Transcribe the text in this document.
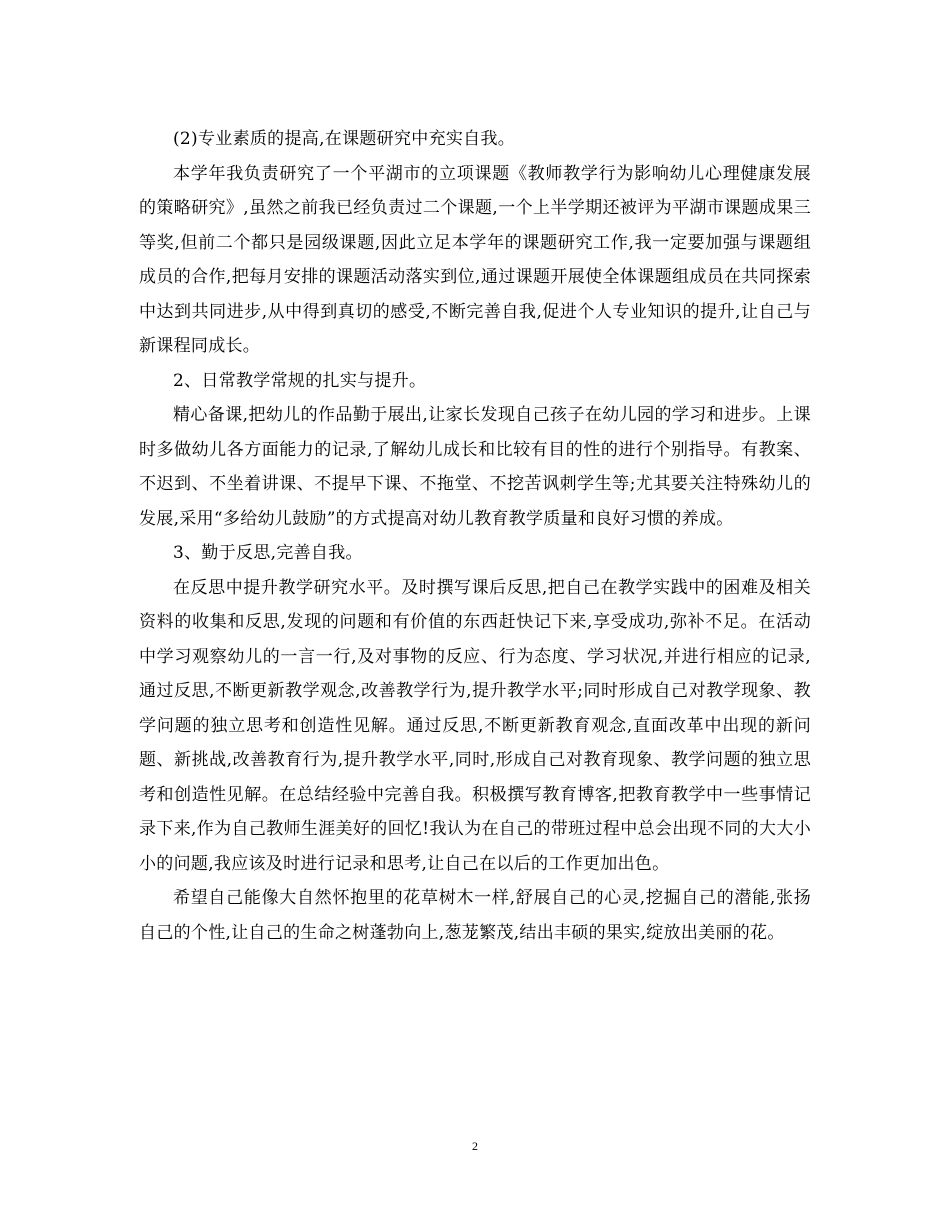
(2)专业素质的提高,在课题研究中充实自我。

本学年我负责研究了一个平湖市的立项课题《教师教学行为影响幼儿心理健康发展的策略研究》,虽然之前我已经负责过二个课题,一个上半学期还被评为平湖市课题成果三等奖,但前二个都只是园级课题,因此立足本学年的课题研究工作,我一定要加强与课题组成员的合作,把每月安排的课题活动落实到位,通过课题开展使全体课题组成员在共同探索中达到共同进步,从中得到真切的感受,不断完善自我,促进个人专业知识的提升,让自己与新课程同成长。

2、日常教学常规的扎实与提升。

精心备课,把幼儿的作品勤于展出,让家长发现自己孩子在幼儿园的学习和进步。上课时多做幼儿各方面能力的记录,了解幼儿成长和比较有目的性的进行个别指导。有教案、不迟到、不坐着讲课、不提早下课、不拖堂、不挖苦讽刺学生等;尤其要关注特殊幼儿的发展,采用“多给幼儿鼓励”的方式提高对幼儿教育教学质量和良好习惯的养成。

3、勤于反思,完善自我。

在反思中提升教学研究水平。及时撰写课后反思,把自己在教学实践中的困难及相关资料的收集和反思,发现的问题和有价值的东西赶快记下来,享受成功,弥补不足。在活动中学习观察幼儿的一言一行,及对事物的反应、行为态度、学习状况,并进行相应的记录,通过反思,不断更新教学观念,改善教学行为,提升教学水平;同时形成自己对教学现象、教学问题的独立思考和创造性见解。通过反思,不断更新教育观念,直面改革中出现的新问题、新挑战,改善教育行为,提升教学水平,同时,形成自己对教育现象、教学问题的独立思考和创造性见解。在总结经验中完善自我。积极撰写教育博客,把教育教学中一些事情记录下来,作为自己教师生涯美好的回忆!我认为在自己的带班过程中总会出现不同的大大小小的问题,我应该及时进行记录和思考,让自己在以后的工作更加出色。

希望自己能像大自然怀抱里的花草树木一样,舒展自己的心灵,挖掘自己的潜能,张扬自己的个性,让自己的生命之树蓬勃向上,葱茏繁茂,结出丰硕的果实,绽放出美丽的花。

2
